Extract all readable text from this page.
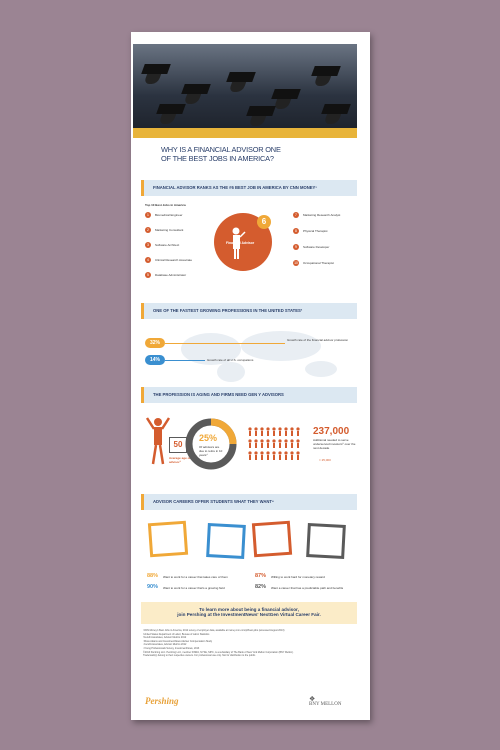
WHY IS A FINANCIAL ADVISOR ONE
OF THE BEST JOBS IN AMERICA?
FINANCIAL ADVISOR RANKS AS THE #6 BEST JOB IN AMERICA BY CNN MONEY¹
Top 10 Best Jobs in America
1	Biomedical Engineer
2	Marketing Consultant
3	Software Architect
4	Clinical Research Associate
5	Database Administrator
Financial Advisor
6
7	Marketing Research Analyst
8	Physical Therapist
9	Software Developer
10	Occupational Therapist
ONE OF THE FASTEST GROWING PROFESSIONS IN THE UNITED STATES²
32%	Growth rate of the financial advisor profession
14%	Growth rate of all U.S. occupations
THE PROFESSION IS AGING AND FIRMS NEED GEN Y ADVISORS
50
Average age of advisor³
25%
Of advisors are due to retire in 10 years⁴
237,000
Additional needed to serve underserved investors⁵ over the next decade
= 25,000
ADVISOR CAREERS OFFER STUDENTS WHAT THEY WANT⁶
88% Want to work for a career that takes care of them
90% Want to work for a career that's a growing field
87% Willing to work hard for monetary reward
82% Want a career that has a predictable path and benefits
To learn more about being a financial advisor,
join Pershing at the InvestmentNews' NextGen Virtual Career Fair.
¹CNN Money's Best Jobs in America, 2012 survey of employer data, available at money.cnn.com/pf/best-jobs (accessed August 2013)
²United States Department of Labor, Bureau of Labor Statistics
³Cerulli Associates, Advisor Metrics 2012
⁴Moss Adams and InvestmentNews Adviser Compensation Study
⁵Cerulli Associates, Advisor Metrics 2012
⁶Young Professionals Survey, InvestmentNews, 2013
©2013 Pershing LLC. Pershing LLC, member FINRA, NYSE, SIPC, is a subsidiary of The Bank of New York Mellon Corporation (BNY Mellon).
Trademark(s) belong to their respective owners. For professional use only. Not for distribution to the public.
Pershing	❖
BNY MELLON
